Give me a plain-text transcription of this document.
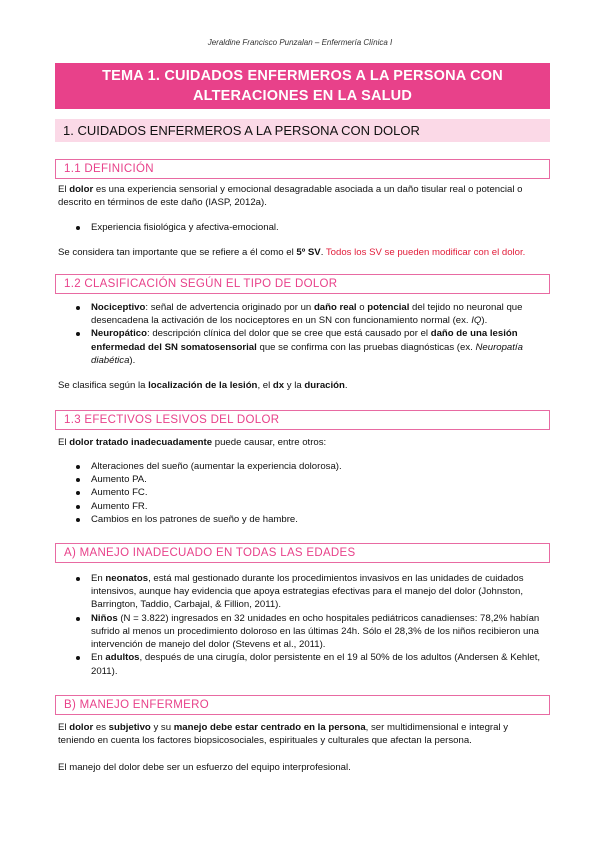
Jeraldine Francisco Punzalan – Enfermería Clínica I
TEMA 1. CUIDADOS ENFERMEROS A LA PERSONA CON
ALTERACIONES EN LA SALUD
1. CUIDADOS ENFERMEROS A LA PERSONA CON DOLOR
1.1 DEFINICIÓN
El dolor es una experiencia sensorial y emocional desagradable asociada a un daño tisular real o potencial o descrito en términos de este daño (IASP, 2012a).
Experiencia fisiológica y afectiva-emocional.
Se considera tan importante que se refiere a él como el 5º SV. Todos los SV se pueden modificar con el dolor.
1.2 CLASIFICACIÓN SEGÚN EL TIPO DE DOLOR
Nociceptivo: señal de advertencia originado por un daño real o potencial del tejido no neuronal que desencadena la activación de los nociceptores en un SN con funcionamiento normal (ex. IQ).
Neuropático: descripción clínica del dolor que se cree que está causado por el daño de una lesión enfermedad del SN somatosensorial que se confirma con las pruebas diagnósticas (ex. Neuropatía diabética).
Se clasifica según la localización de la lesión, el dx y la duración.
1.3 EFECTIVOS LESIVOS DEL DOLOR
El dolor tratado inadecuadamente puede causar, entre otros:
Alteraciones del sueño (aumentar la experiencia dolorosa).
Aumento PA.
Aumento FC.
Aumento FR.
Cambios en los patrones de sueño y de hambre.
A) MANEJO INADECUADO EN TODAS LAS EDADES
En neonatos, está mal gestionado durante los procedimientos invasivos en las unidades de cuidados intensivos, aunque hay evidencia que apoya estrategias efectivas para el manejo del dolor (Johnston, Barrington, Taddio, Carbajal, & Fillion, 2011).
Niños (N = 3.822) ingresados en 32 unidades en ocho hospitales pediátricos canadienses: 78,2% habían sufrido al menos un procedimiento doloroso en las últimas 24h. Sólo el 28,3% de los niños recibieron una intervención de manejo del dolor (Stevens et al., 2011).
En adultos, después de una cirugía, dolor persistente en el 19 al 50% de los adultos (Andersen & Kehlet, 2011).
B) MANEJO ENFERMERO
El dolor es subjetivo y su manejo debe estar centrado en la persona, ser multidimensional e integral y teniendo en cuenta los factores biopsicosociales, espirituales y culturales que afectan la persona.
El manejo del dolor debe ser un esfuerzo del equipo interprofesional.
